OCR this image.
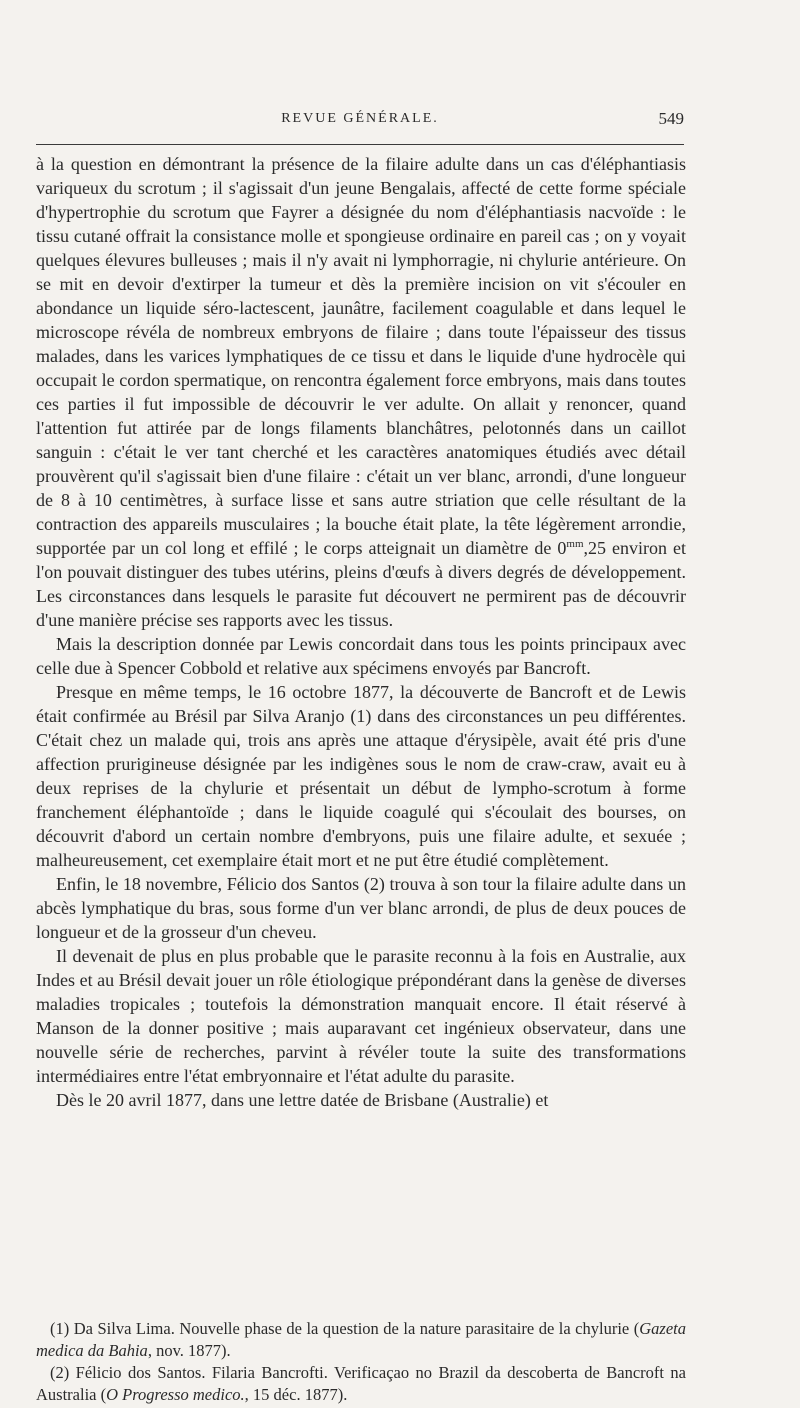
REVUE GÉNÉRALE.	549

à la question en démontrant la présence de la filaire adulte dans un cas d'éléphantiasis variqueux du scrotum ; il s'agissait d'un jeune Bengalais, affecté de cette forme spéciale d'hypertrophie du scrotum que Fayrer a désignée du nom d'éléphantiasis nacvoïde : le tissu cutané offrait la consistance molle et spongieuse ordinaire en pareil cas ; on y voyait quelques élevures bulleuses ; mais il n'y avait ni lymphorragie, ni chylurie antérieure. On se mit en devoir d'extirper la tumeur et dès la première incision on vit s'écouler en abondance un liquide séro-lactescent, jaunâtre, facilement coagulable et dans lequel le microscope révéla de nombreux embryons de filaire ; dans toute l'épaisseur des tissus malades, dans les varices lymphatiques de ce tissu et dans le liquide d'une hydrocèle qui occupait le cordon spermatique, on rencontra également force embryons, mais dans toutes ces parties il fut impossible de découvrir le ver adulte. On allait y renoncer, quand l'attention fut attirée par de longs filaments blanchâtres, pelotonnés dans un caillot sanguin : c'était le ver tant cherché et les caractères anatomiques étudiés avec détail prouvèrent qu'il s'agissait bien d'une filaire : c'était un ver blanc, arrondi, d'une longueur de 8 à 10 centimètres, à surface lisse et sans autre striation que celle résultant de la contraction des appareils musculaires ; la bouche était plate, la tête légèrement arrondie, supportée par un col long et effilé ; le corps atteignait un diamètre de $0^{mm},25$ environ et l'on pouvait distinguer des tubes utérins, pleins d'œufs à divers degrés de développement. Les circonstances dans lesquels le parasite fut découvert ne permirent pas de découvrir d'une manière précise ses rapports avec les tissus.

Mais la description donnée par Lewis concordait dans tous les points principaux avec celle due à Spencer Cobbold et relative aux spécimens envoyés par Bancroft.

Presque en même temps, le 16 octobre 1877, la découverte de Bancroft et de Lewis était confirmée au Brésil par Silva Aranjo (1) dans des circonstances un peu différentes. C'était chez un malade qui, trois ans après une attaque d'érysipèle, avait été pris d'une affection prurigineuse désignée par les indigènes sous le nom de craw-craw, avait eu à deux reprises de la chylurie et présentait un début de lympho-scrotum à forme franchement éléphantoïde ; dans le liquide coagulé qui s'écoulait des bourses, on découvrit d'abord un certain nombre d'embryons, puis une filaire adulte, et sexuée ; malheureusement, cet exemplaire était mort et ne put être étudié complètement.

Enfin, le 18 novembre, Félicio dos Santos (2) trouva à son tour la filaire adulte dans un abcès lymphatique du bras, sous forme d'un ver blanc arrondi, de plus de deux pouces de longueur et de la grosseur d'un cheveu.

Il devenait de plus en plus probable que le parasite reconnu à la fois en Australie, aux Indes et au Brésil devait jouer un rôle étiologique prépondérant dans la genèse de diverses maladies tropicales ; toutefois la démonstration manquait encore. Il était réservé à Manson de la donner positive ; mais auparavant cet ingénieux observateur, dans une nouvelle série de recherches, parvint à révéler toute la suite des transformations intermédiaires entre l'état embryonnaire et l'état adulte du parasite.

Dès le 20 avril 1877, dans une lettre datée de Brisbane (Australie) et

(1) Da Silva Lima. Nouvelle phase de la question de la nature parasitaire de la chylurie (Gazeta medica da Bahia, nov. 1877).

(2) Félicio dos Santos. Filaria Bancrofti. Verificaçao no Brazil da descoberta de Bancroft na Australia (O Progresso medico., 15 déc. 1877).
